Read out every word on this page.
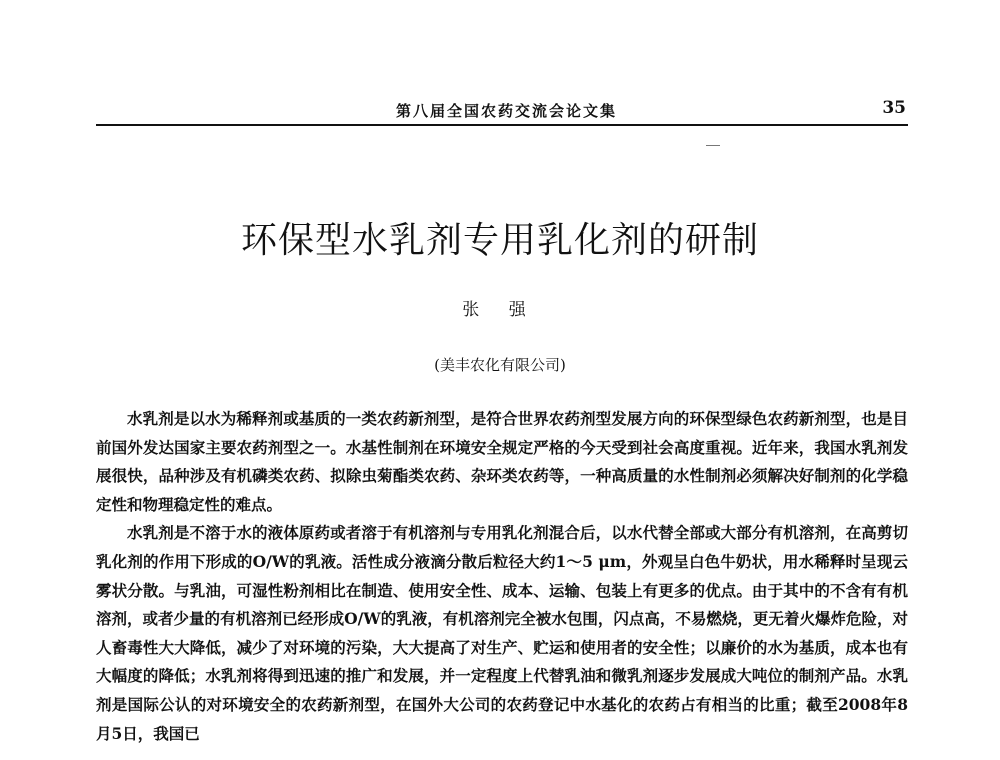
第八届全国农药交流会论文集	35
环保型水乳剂专用乳化剂的研制
张 强
(美丰农化有限公司)

水乳剂是以水为稀释剂或基质的一类农药新剂型，是符合世界农药剂型发展方向的环保型绿色农药新剂型，也是目前国外发达国家主要农药剂型之一。水基性制剂在环境安全规定严格的今天受到社会高度重视。近年来，我国水乳剂发展很快，品种涉及有机磷类农药、拟除虫菊酯类农药、杂环类农药等，一种高质量的水性制剂必须解决好制剂的化学稳定性和物理稳定性的难点。

水乳剂是不溶于水的液体原药或者溶于有机溶剂与专用乳化剂混合后，以水代替全部或大部分有机溶剂，在高剪切乳化剂的作用下形成的O/W的乳液。活性成分液滴分散后粒径大约1～5 μm，外观呈白色牛奶状，用水稀释时呈现云雾状分散。与乳油，可湿性粉剂相比在制造、使用安全性、成本、运输、包装上有更多的优点。由于其中的不含有有机溶剂，或者少量的有机溶剂已经形成O/W的乳液，有机溶剂完全被水包围，闪点高，不易燃烧，更无着火爆炸危险，对人畜毒性大大降低，减少了对环境的污染，大大提高了对生产、贮运和使用者的安全性；以廉价的水为基质，成本也有大幅度的降低；水乳剂将得到迅速的推广和发展，并一定程度上代替乳油和微乳剂逐步发展成大吨位的制剂产品。水乳剂是国际公认的对环境安全的农药新剂型，在国外大公司的农药登记中水基化的农药占有相当的比重；截至2008年8月5日，我国已
